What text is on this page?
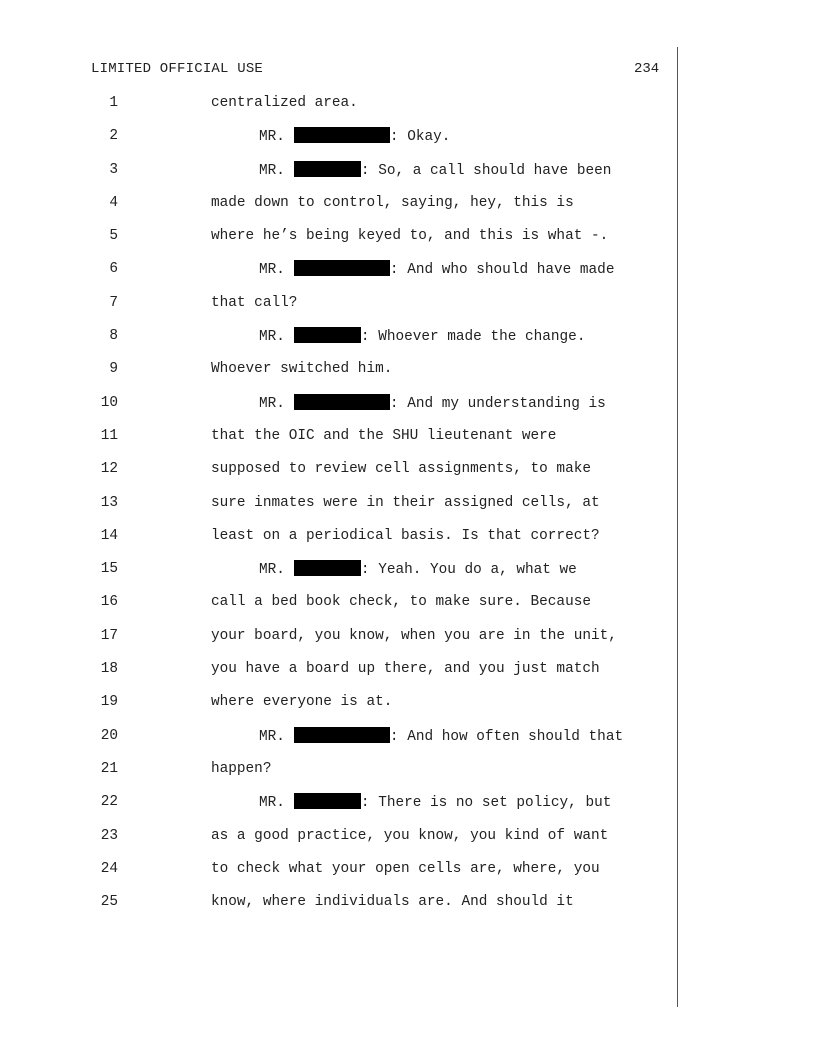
LIMITED OFFICIAL USE	234
1	centralized area.
2	MR.	: Okay.
3	MR.	: So, a call should have been
4	made down to control, saying, hey, this is
5	where he’s being keyed to, and this is what -.
6	MR.	: And who should have made
7	that call?
8	MR.	: Whoever made the change.
9	Whoever switched him.
10	MR.	: And my understanding is
11	that the OIC and the SHU lieutenant were
12	supposed to review cell assignments, to make
13	sure inmates were in their assigned cells, at
14	least on a periodical basis. Is that correct?
15	MR.	: Yeah. You do a, what we
16	call a bed book check, to make sure. Because
17	your board, you know, when you are in the unit,
18	you have a board up there, and you just match
19	where everyone is at.
20	MR.	: And how often should that
21	happen?
22	MR.	: There is no set policy, but
23	as a good practice, you know, you kind of want
24	to check what your open cells are, where, you
25	know, where individuals are. And should it
